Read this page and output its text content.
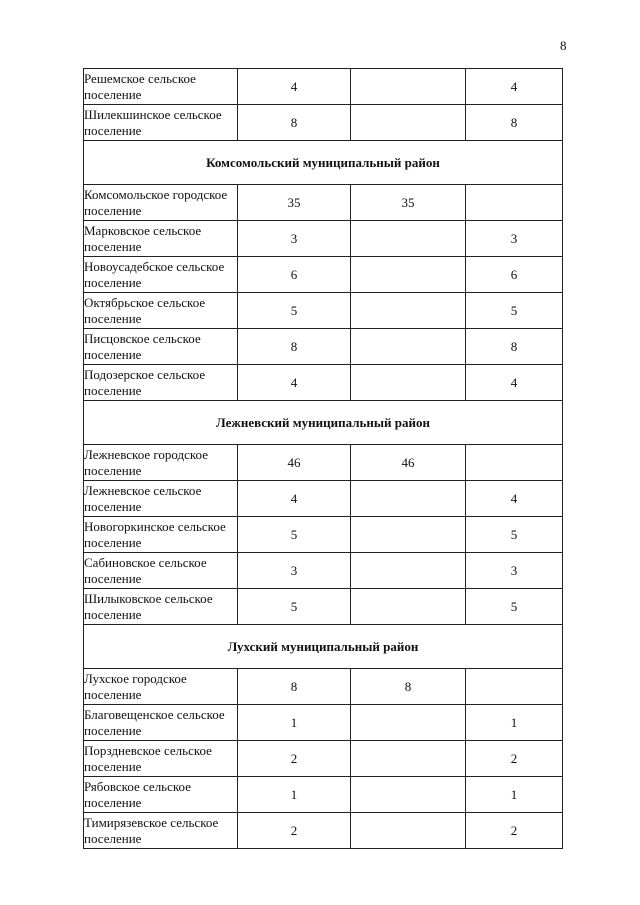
8
Решемское сельское поселение	4		4
Шилекшинское сельское поселение	8		8
Комсомольский муниципальный район			
Комсомольское городское поселение	35	35	
Марковское сельское поселение	3		3
Новоусадебское сельское поселение	6		6
Октябрьское сельское поселение	5		5
Писцовское сельское поселение	8		8
Подозерское сельское поселение	4		4
Лежневский муниципальный район			
Лежневское городское поселение	46	46	
Лежневское сельское поселение	4		4
Новогоркинское сельское поселение	5		5
Сабиновское сельское поселение	3		3
Шилыковское сельское поселение	5		5
Лухский муниципальный район			
Лухское городское поселение	8	8	
Благовещенское сельское поселение	1		1
Порздневское сельское поселение	2		2
Рябовское сельское поселение	1		1
Тимирязевское сельское поселение	2		2
